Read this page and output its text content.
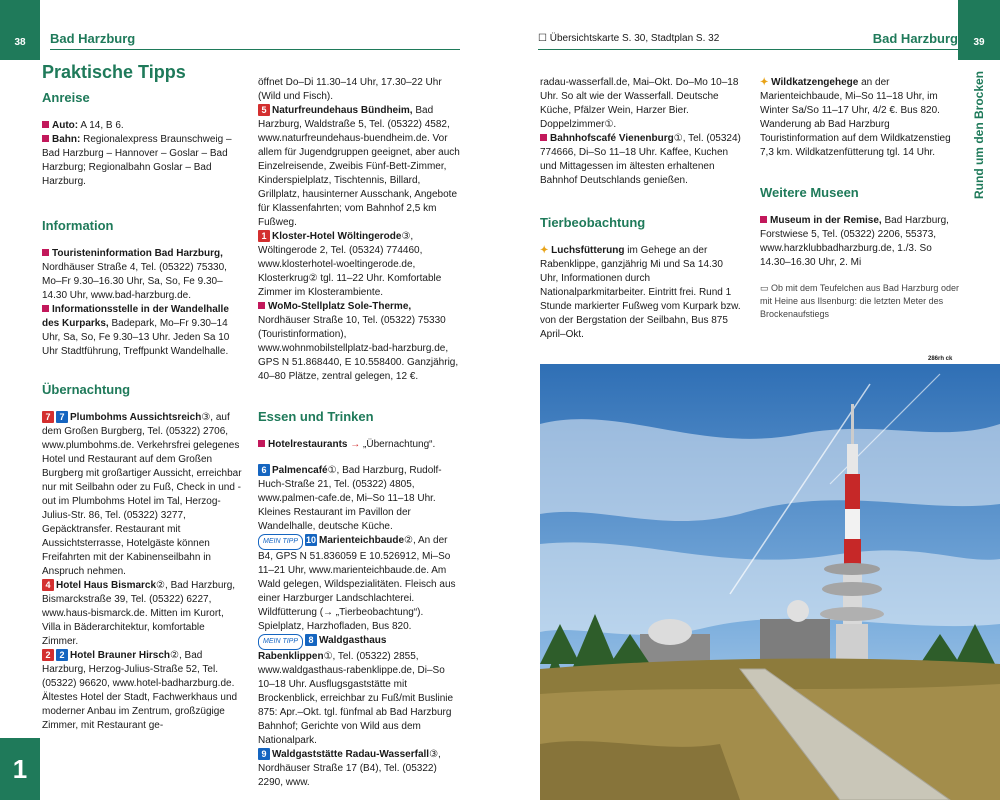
38 Bad Harzburg	☐ Übersichtskarte S. 30, Stadtplan S. 32	Bad Harzburg 39
Rund um den Brocken
1
Praktische Tipps
Anreise

Auto: A 14, B 6.

Bahn: Regionalexpress Braunschweig – Bad Harzburg – Hannover – Goslar – Bad Harzburg; Regionalbahn Goslar – Bad Harzburg.

Information

Touristeninformation Bad Harzburg, Nordhäuser Straße 4, Tel. (05322) 75330, Mo–Fr 9.30–16.30 Uhr, Sa, So, Fe 9.30–14.30 Uhr, www.bad-harzburg.de.

Informationsstelle in der Wandelhalle des Kurparks, Badepark, Mo–Fr 9.30–14 Uhr, Sa, So, Fe 9.30–13 Uhr. Jeden Sa 10 Uhr Stadtführung, Treffpunkt Wandelhalle.

Übernachtung

7 7 Plumbohms Aussichtsreich③, auf dem Großen Burgberg, Tel. (05322) 2706, www.plumbohms.de. Verkehrsfrei gelegenes Hotel und Restaurant auf dem Großen Burgberg mit großartiger Aussicht, erreichbar nur mit Seilbahn oder zu Fuß, Check in und -out im Plumbohms Hotel im Tal, Herzog-Julius-Str. 86, Tel. (05322) 3277, Gepäcktransfer. Restaurant mit Aussichtsterrasse, Hotelgäste können Freifahrten mit der Kabinenseilbahn in Anspruch nehmen.

4 Hotel Haus Bismarck②, Bad Harzburg, Bismarckstraße 39, Tel. (05322) 6227, www.haus-bismarck.de. Mitten im Kurort, Villa in Bäderarchitektur, komfortable Zimmer.

2 2 Hotel Brauner Hirsch②, Bad Harzburg, Herzog-Julius-Straße 52, Tel. (05322) 96620, www.hotel-badharzburg.de. Ältestes Hotel der Stadt, Fachwerkhaus und moderner Anbau im Zentrum, großzügige Zimmer, mit Restaurant ge-

öffnet Do–Di 11.30–14 Uhr, 17.30–22 Uhr (Wild und Fisch).

5 Naturfreundehaus Bündheim, Bad Harzburg, Waldstraße 5, Tel. (05322) 4582, www.naturfreundehaus-buendheim.de. Vor allem für Jugendgruppen geeignet, aber auch Einzelreisende, Zweibis Fünf-Bett-Zimmer, Kinderspielplatz, Tischtennis, Billard, Grillplatz, hausinterner Ausschank, Angebote für Klassenfahrten; vom Bahnhof 2,5 km Fußweg.

1 Kloster-Hotel Wöltingerode③, Wöltingerode 2, Tel. (05324) 774460, www.klosterhotel-woeltingerode.de, Klosterkrug② tgl. 11–22 Uhr. Komfortable Zimmer im Klosterambiente.

WoMo-Stellplatz Sole-Therme, Nordhäuser Straße 10, Tel. (05322) 75330 (Touristinformation), www.wohnmobilstellplatz-bad-harzburg.de, GPS N 51.868440, E 10.558400. Ganzjährig, 40–80 Plätze, zentral gelegen, 12 €.

Essen und Trinken

Hotelrestaurants → „Übernachtung“.

6 Palmencafé①, Bad Harzburg, Rudolf-Huch-Straße 21, Tel. (05322) 4805, www.palmen-cafe.de, Mi–So 11–18 Uhr. Kleines Restaurant im Pavillon der Wandelhalle, deutsche Küche.

MEIN TIPP 10 Marienteichbaude②, An der B4, GPS N 51.836059 E 10.526912, Mi–So 11–21 Uhr, www.marienteichbaude.de. Am Wald gelegen, Wildspezialitäten. Fleisch aus einer Harzburger Landschlachterei. Wildfütterung (→ „Tierbeobachtung“). Spielplatz, Harzhofladen, Bus 820.

MEIN TIPP 8 Waldgasthaus Rabenklippen①, Tel. (05322) 2855, www.waldgasthaus-rabenklippe.de, Di–So 10–18 Uhr. Ausflugsgaststätte mit Brockenblick, erreichbar zu Fuß/mit Buslinie 875: Apr.–Okt. tgl. fünfmal ab Bad Harzburg Bahnhof; Gerichte von Wild aus dem Nationalpark.

9 Waldgaststätte Radau-Wasserfall③, Nordhäuser Straße 17 (B4), Tel. (05322) 2290, www.

radau-wasserfall.de, Mai–Okt. Do–Mo 10–18 Uhr. So alt wie der Wasserfall. Deutsche Küche, Pfälzer Wein, Harzer Bier. Doppelzimmer①.

Bahnhofscafé Vienenburg①, Tel. (05324) 774666, Di–So 11–18 Uhr. Kaffee, Kuchen und Mittagessen im ältesten erhaltenen Bahnhof Deutschlands genießen.

Tierbeobachtung

✦ Luchsfütterung im Gehege an der Rabenklippe, ganzjährig Mi und Sa 14.30 Uhr, Informationen durch Nationalparkmitarbeiter. Eintritt frei. Rund 1 Stunde markierter Fußweg vom Kurpark bzw. von der Bergstation der Seilbahn, Bus 875 April–Okt.

✦ Wildkatzengehege an der Marienteichbaude, Mi–So 11–18 Uhr, im Winter Sa/So 11–17 Uhr, 4/2 €. Bus 820. Wanderung ab Bad Harzburg Touristinformation auf dem Wildkatzenstieg 7,3 km. Wildkatzenfütterung tgl. 14 Uhr.

Weitere Museen

Museum in der Remise, Bad Harzburg, Forstwiese 5, Tel. (05322) 2206, 55373, www.harzklubbadharzburg.de, 1./3. So 14.30–16.30 Uhr, 2. Mi

▭ Ob mit dem Teufelchen aus Bad Harzburg oder mit Heine aus Ilsenburg: die letzten Meter des Brockenaufstiegs

286rh ck
